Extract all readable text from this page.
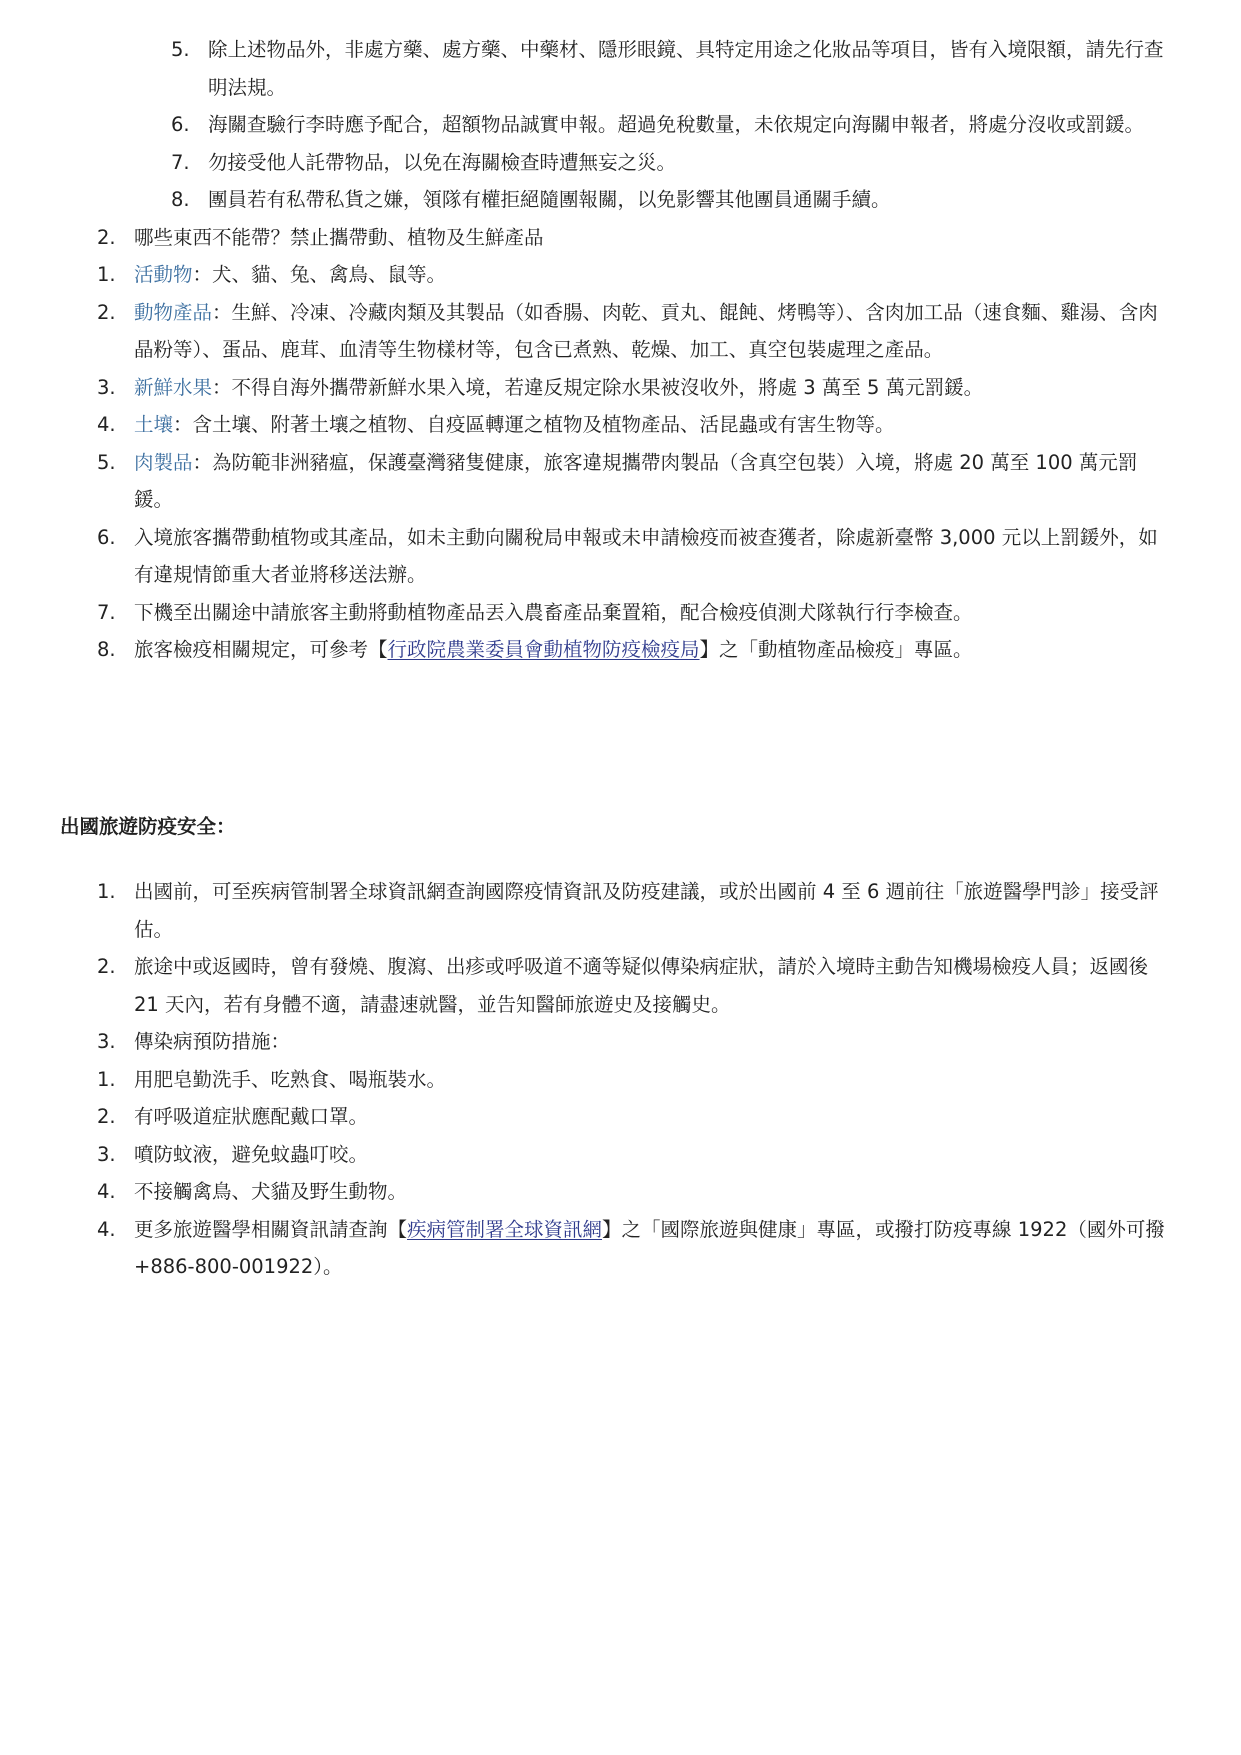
5. 除上述物品外，非處方藥、處方藥、中藥材、隱形眼鏡、具特定用途之化妝品等項目，皆有入境限額，請先行查明法規。
6. 海關查驗行李時應予配合，超額物品誠實申報。超過免稅數量，未依規定向海關申報者，將處分沒收或罰鍰。
7. 勿接受他人託帶物品，以免在海關檢查時遭無妄之災。
8. 團員若有私帶私貨之嫌，領隊有權拒絕隨團報關，以免影響其他團員通關手續。
2. 哪些東西不能帶？禁止攜帶動、植物及生鮮產品
1. 活動物：犬、貓、兔、禽鳥、鼠等。
2. 動物產品：生鮮、冷凍、冷藏肉類及其製品（如香腸、肉乾、貢丸、餛飩、烤鴨等）、含肉加工品（速食麵、雞湯、含肉晶粉等）、蛋品、鹿茸、血清等生物樣材等，包含已煮熟、乾燥、加工、真空包裝處理之產品。
3. 新鮮水果：不得自海外攜帶新鮮水果入境，若違反規定除水果被沒收外，將處 3 萬至 5 萬元罰鍰。
4. 土壤：含土壤、附著土壤之植物、自疫區轉運之植物及植物產品、活昆蟲或有害生物等。
5. 肉製品：為防範非洲豬瘟，保護臺灣豬隻健康，旅客違規攜帶肉製品（含真空包裝）入境，將處 20 萬至 100 萬元罰鍰。
6. 入境旅客攜帶動植物或其產品，如未主動向關稅局申報或未申請檢疫而被查獲者，除處新臺幣 3,000 元以上罰鍰外，如有違規情節重大者並將移送法辦。
7. 下機至出關途中請旅客主動將動植物產品丟入農畜產品棄置箱，配合檢疫偵測犬隊執行行李檢查。
8. 旅客檢疫相關規定，可參考【行政院農業委員會動植物防疫檢疫局】之「動植物產品檢疫」專區。
出國旅遊防疫安全：
1. 出國前，可至疾病管制署全球資訊網查詢國際疫情資訊及防疫建議，或於出國前 4 至 6 週前往「旅遊醫學門診」接受評估。
2. 旅途中或返國時，曾有發燒、腹瀉、出疹或呼吸道不適等疑似傳染病症狀，請於入境時主動告知機場檢疫人員；返國後 21 天內，若有身體不適，請盡速就醫，並告知醫師旅遊史及接觸史。
3. 傳染病預防措施：
1. 用肥皂勤洗手、吃熟食、喝瓶裝水。
2. 有呼吸道症狀應配戴口罩。
3. 噴防蚊液，避免蚊蟲叮咬。
4. 不接觸禽鳥、犬貓及野生動物。
4. 更多旅遊醫學相關資訊請查詢【疾病管制署全球資訊網】之「國際旅遊與健康」專區，或撥打防疫專線 1922（國外可撥+886-800-001922）。
